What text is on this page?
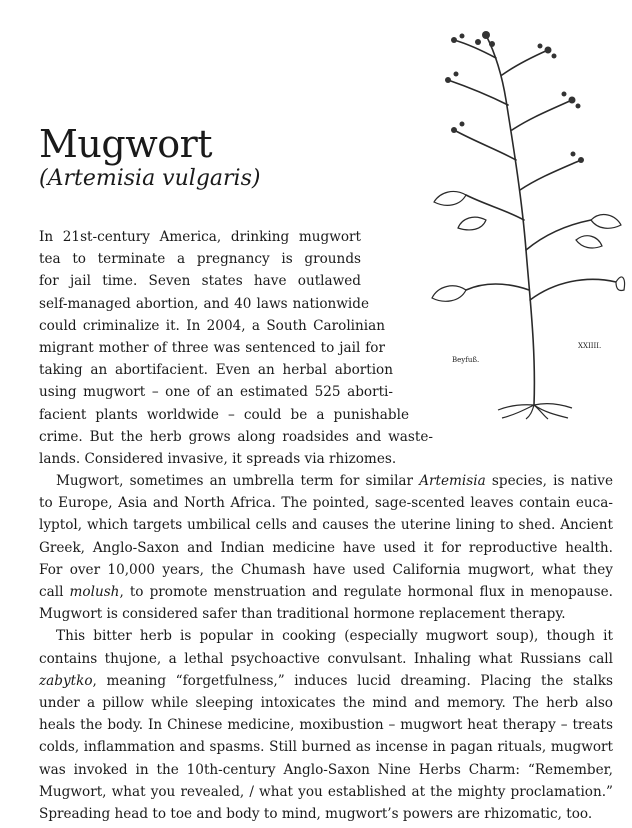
Mugwort
(Artemisia vulgaris)
Beyfuß.
XXIIII.
In 21st-century America, drinking mugwort
tea to terminate a pregnancy is grounds
for jail time. Seven states have outlawed
self-managed abortion, and 40 laws nationwide
could criminalize it. In 2004, a South Carolinian
migrant mother of three was sentenced to jail for
taking an abortifacient. Even an herbal abortion
using mugwort – one of an estimated 525 aborti-
facient plants worldwide – could be a punishable
crime. But the herb grows along roadsides and waste-
lands. Considered invasive, it spreads via rhizomes.
Mugwort, sometimes an umbrella term for similar Artemisia species, is native
to Europe, Asia and North Africa. The pointed, sage-scented leaves contain euca-
lyptol, which targets umbilical cells and causes the uterine lining to shed. Ancient
Greek, Anglo-Saxon and Indian medicine have used it for reproductive health.
For over 10,000 years, the Chumash have used California mugwort, what they
call molush, to promote menstruation and regulate hormonal flux in menopause.
Mugwort is considered safer than traditional hormone replacement therapy.
This bitter herb is popular in cooking (especially mugwort soup), though it
contains thujone, a lethal psychoactive convulsant. Inhaling what Russians call
zabytko, meaning “forgetfulness,” induces lucid dreaming. Placing the stalks
under a pillow while sleeping intoxicates the mind and memory. The herb also
heals the body. In Chinese medicine, moxibustion – mugwort heat therapy – treats
colds, inflammation and spasms. Still burned as incense in pagan rituals, mugwort
was invoked in the 10th-century Anglo-Saxon Nine Herbs Charm: “Remember,
Mugwort, what you revealed, / what you established at the mighty proclamation.”
Spreading head to toe and body to mind, mugwort’s powers are rhizomatic, too.
